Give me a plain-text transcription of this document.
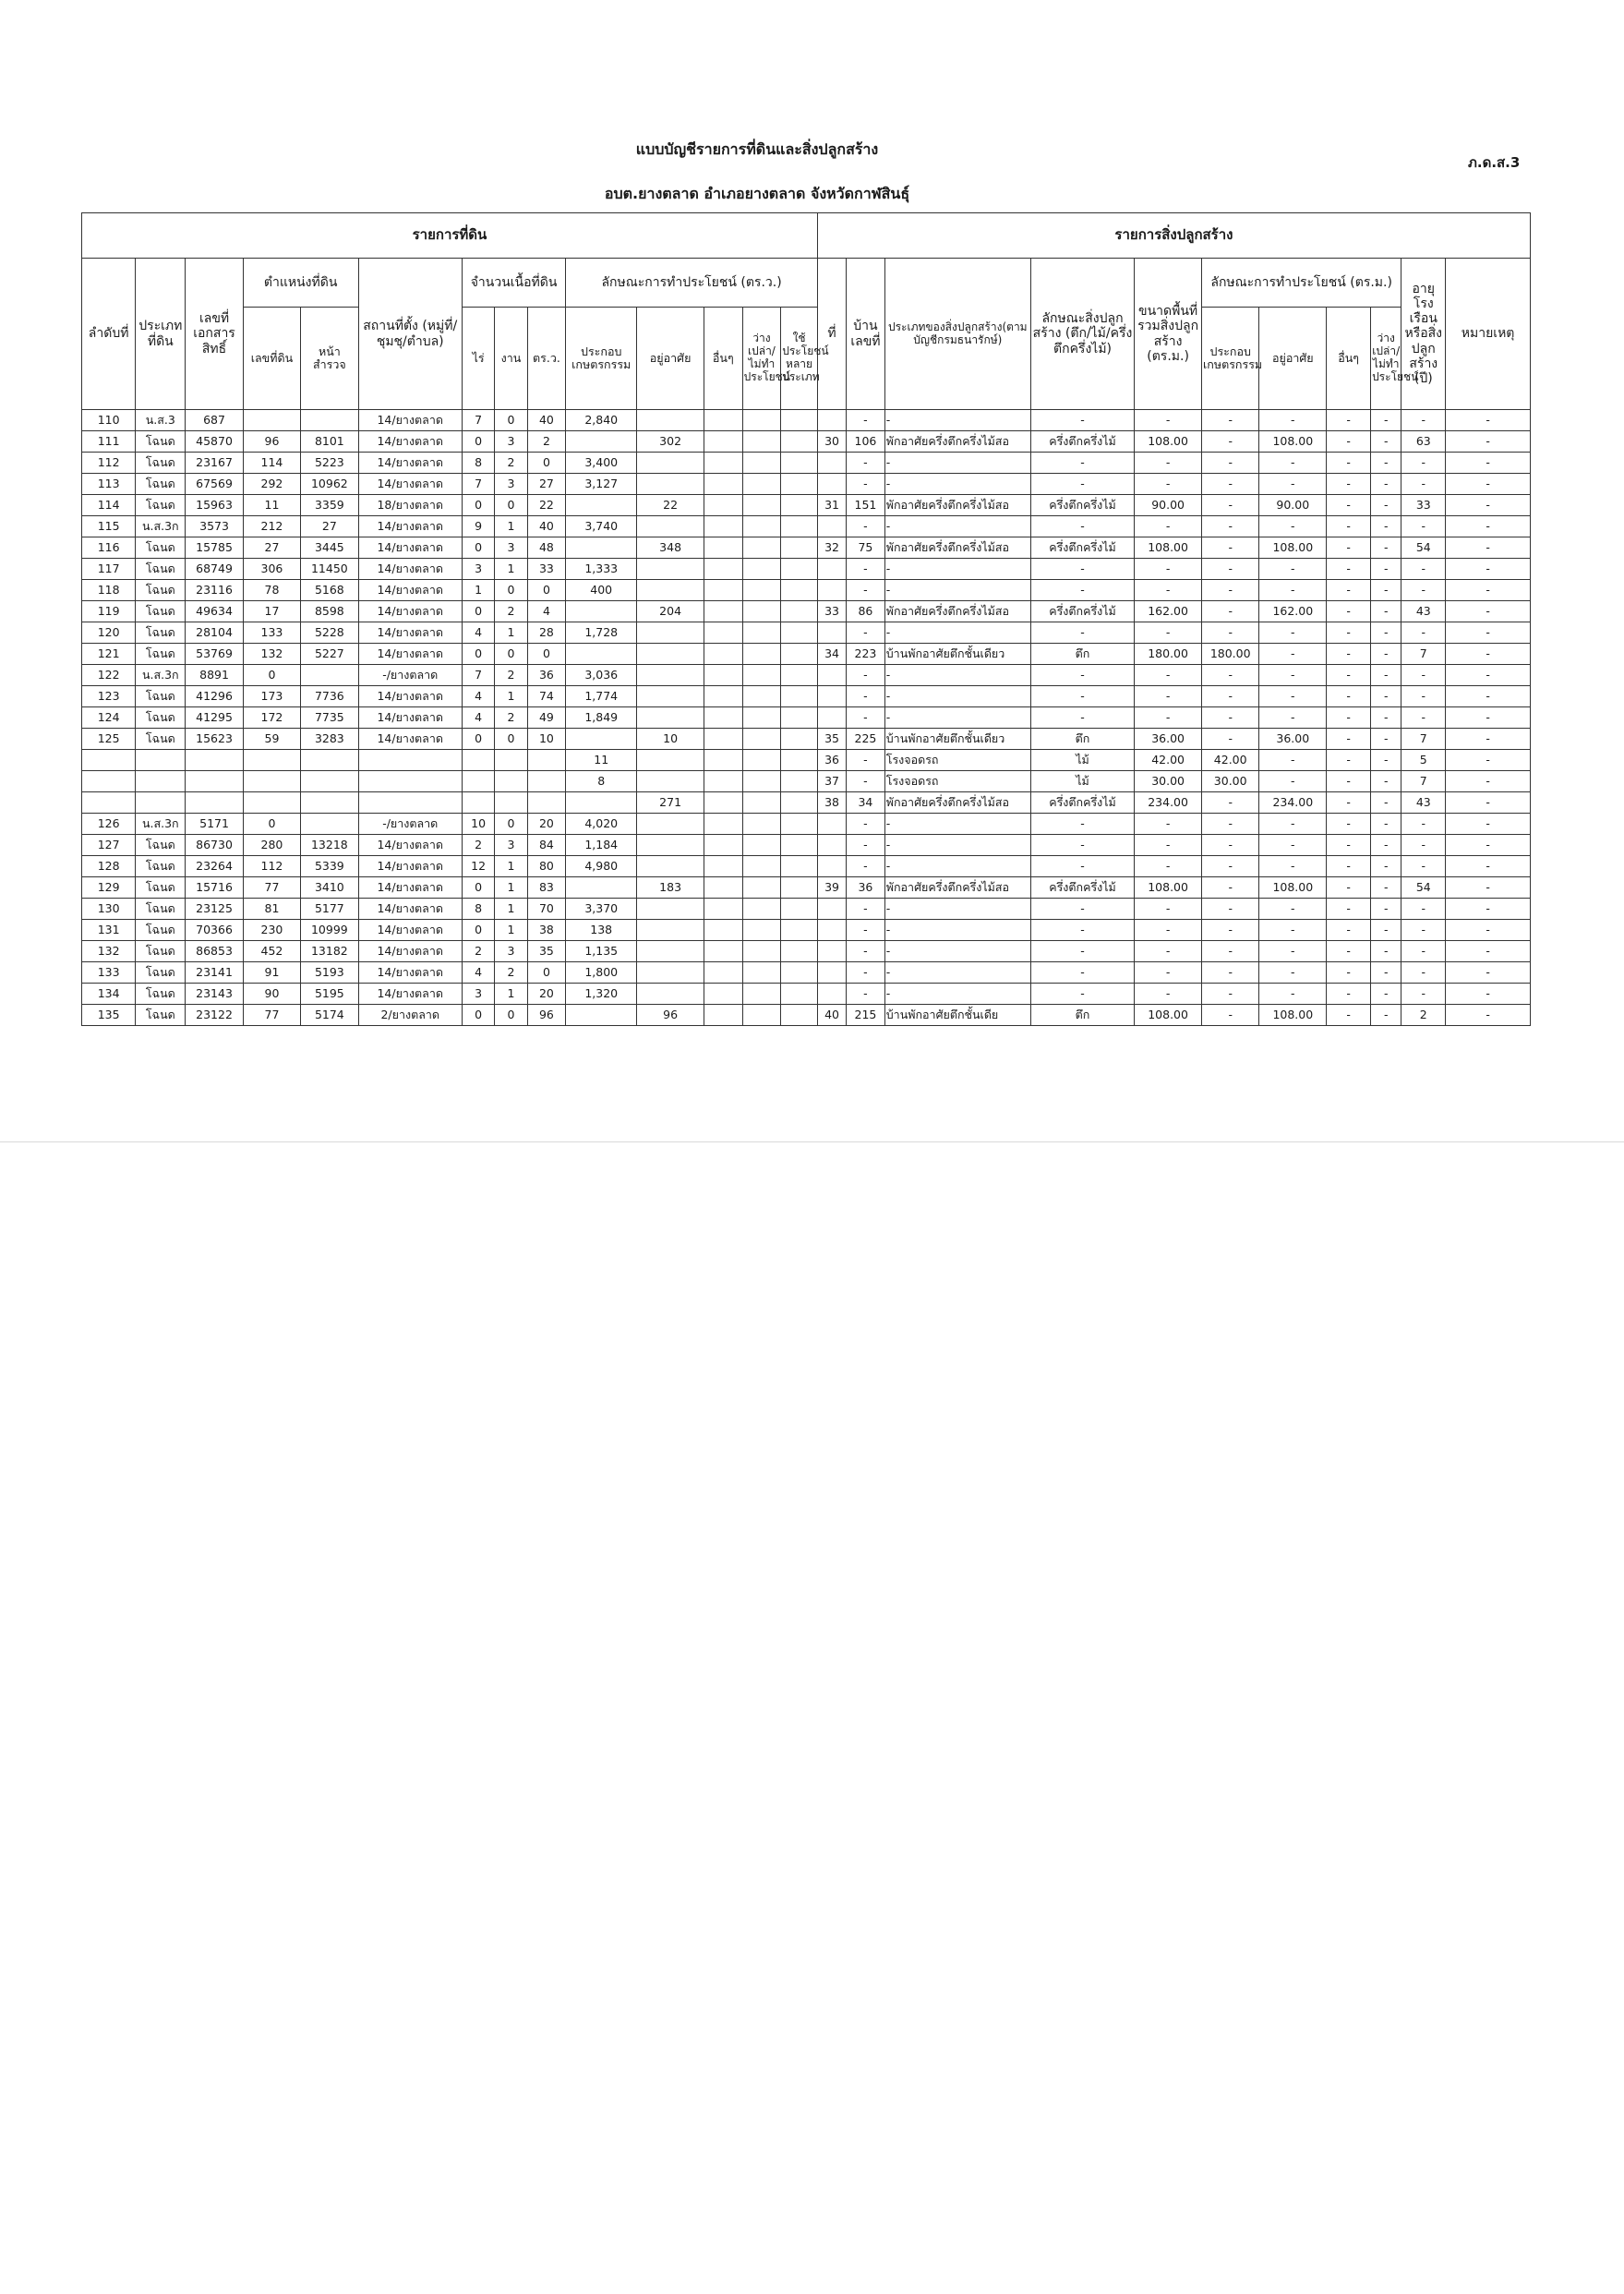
แบบบัญชีรายการที่ดินและสิ่งปลูกสร้าง
ภ.ด.ส.3
อบต.ยางตลาด อำเภอยางตลาด จังหวัดกาฬสินธุ์
รายการที่ดิน														รายการสิ่งปลูกสร้าง										
ลำดับที่	ประเภทที่ดิน	เลขที่เอกสารสิทธิ์	ตำแหน่งที่ดิน		สถานที่ตั้ง (หมู่ที่/ชุมชุ/ตำบล)	จำนวนเนื้อที่ดิน			ลักษณะการทำประโยชน์ (ตร.ว.)					ที่	บ้านเลขที่	ประเภทของสิ่งปลูกสร้าง(ตามบัญชีกรมธนารักษ์)	ลักษณะสิ่งปลูกสร้าง (ตึก/ไม้/ครึ่งตึกครึ่งไม้)	ขนาดพื้นที่รวมสิ่งปลูกสร้าง (ตร.ม.)	ลักษณะการทำประโยชน์ (ตร.ม.)				อายุโรงเรือนหรือสิ่งปลูกสร้าง (ปี)	หมายเหตุ
			เลขที่ดิน	หน้าสำรวจ		ไร่	งาน	ตร.ว.	ประกอบเกษตรกรรม	อยู่อาศัย	อื่นๆ	ว่างเปล่า/ไม่ทำประโยชน์	ใช้ประโยชน์หลายประเภท						ประกอบเกษตรกรรม	อยู่อาศัย	อื่นๆ	ว่างเปล่า/ไม่ทำประโยชน์		
110	น.ส.3	687			14/ยางตลาด	7	0	40	2,840						-	-	-	-	-	-	-	-	-	-
111	โฉนด	45870	96	8101	14/ยางตลาด	0	3	2		302				30	106	พักอาศัยครึ่งตึกครึ่งไม้สอ	ครึ่งตึกครึ่งไม้	108.00	-	108.00	-	-	63	-
112	โฉนด	23167	114	5223	14/ยางตลาด	8	2	0	3,400						-	-	-	-	-	-	-	-	-	-
113	โฉนด	67569	292	10962	14/ยางตลาด	7	3	27	3,127						-	-	-	-	-	-	-	-	-	-
114	โฉนด	15963	11	3359	18/ยางตลาด	0	0	22		22				31	151	พักอาศัยครึ่งตึกครึ่งไม้สอ	ครึ่งตึกครึ่งไม้	90.00	-	90.00	-	-	33	-
115	น.ส.3ก	3573	212	27	14/ยางตลาด	9	1	40	3,740						-	-	-	-	-	-	-	-	-	-
116	โฉนด	15785	27	3445	14/ยางตลาด	0	3	48		348				32	75	พักอาศัยครึ่งตึกครึ่งไม้สอ	ครึ่งตึกครึ่งไม้	108.00	-	108.00	-	-	54	-
117	โฉนด	68749	306	11450	14/ยางตลาด	3	1	33	1,333						-	-	-	-	-	-	-	-	-	-
118	โฉนด	23116	78	5168	14/ยางตลาด	1	0	0	400						-	-	-	-	-	-	-	-	-	-
119	โฉนด	49634	17	8598	14/ยางตลาด	0	2	4		204				33	86	พักอาศัยครึ่งตึกครึ่งไม้สอ	ครึ่งตึกครึ่งไม้	162.00	-	162.00	-	-	43	-
120	โฉนด	28104	133	5228	14/ยางตลาด	4	1	28	1,728						-	-	-	-	-	-	-	-	-	-
121	โฉนด	53769	132	5227	14/ยางตลาด	0	0	0						34	223	บ้านพักอาศัยตึกชั้นเดียว	ตึก	180.00	180.00	-	-	-	7	-
122	น.ส.3ก	8891	0		-/ยางตลาด	7	2	36	3,036						-	-	-	-	-	-	-	-	-	-
123	โฉนด	41296	173	7736	14/ยางตลาด	4	1	74	1,774						-	-	-	-	-	-	-	-	-	-
124	โฉนด	41295	172	7735	14/ยางตลาด	4	2	49	1,849						-	-	-	-	-	-	-	-	-	-
125	โฉนด	15623	59	3283	14/ยางตลาด	0	0	10		10				35	225	บ้านพักอาศัยตึกชั้นเดียว	ตึก	36.00	-	36.00	-	-	7	-
									11					36	-	โรงจอดรถ	ไม้	42.00	42.00	-	-	-	5	-
									8					37	-	โรงจอดรถ	ไม้	30.00	30.00	-	-	-	7	-
										271				38	34	พักอาศัยครึ่งตึกครึ่งไม้สอ	ครึ่งตึกครึ่งไม้	234.00	-	234.00	-	-	43	-
126	น.ส.3ก	5171	0		-/ยางตลาด	10	0	20	4,020						-	-	-	-	-	-	-	-	-	-
127	โฉนด	86730	280	13218	14/ยางตลาด	2	3	84	1,184						-	-	-	-	-	-	-	-	-	-
128	โฉนด	23264	112	5339	14/ยางตลาด	12	1	80	4,980						-	-	-	-	-	-	-	-	-	-
129	โฉนด	15716	77	3410	14/ยางตลาด	0	1	83		183				39	36	พักอาศัยครึ่งตึกครึ่งไม้สอ	ครึ่งตึกครึ่งไม้	108.00	-	108.00	-	-	54	-
130	โฉนด	23125	81	5177	14/ยางตลาด	8	1	70	3,370						-	-	-	-	-	-	-	-	-	-
131	โฉนด	70366	230	10999	14/ยางตลาด	0	1	38	138						-	-	-	-	-	-	-	-	-	-
132	โฉนด	86853	452	13182	14/ยางตลาด	2	3	35	1,135						-	-	-	-	-	-	-	-	-	-
133	โฉนด	23141	91	5193	14/ยางตลาด	4	2	0	1,800						-	-	-	-	-	-	-	-	-	-
134	โฉนด	23143	90	5195	14/ยางตลาด	3	1	20	1,320						-	-	-	-	-	-	-	-	-	-
135	โฉนด	23122	77	5174	2/ยางตลาด	0	0	96		96				40	215	บ้านพักอาศัยตึกชั้นเดีย	ตึก	108.00	-	108.00	-	-	2	-
